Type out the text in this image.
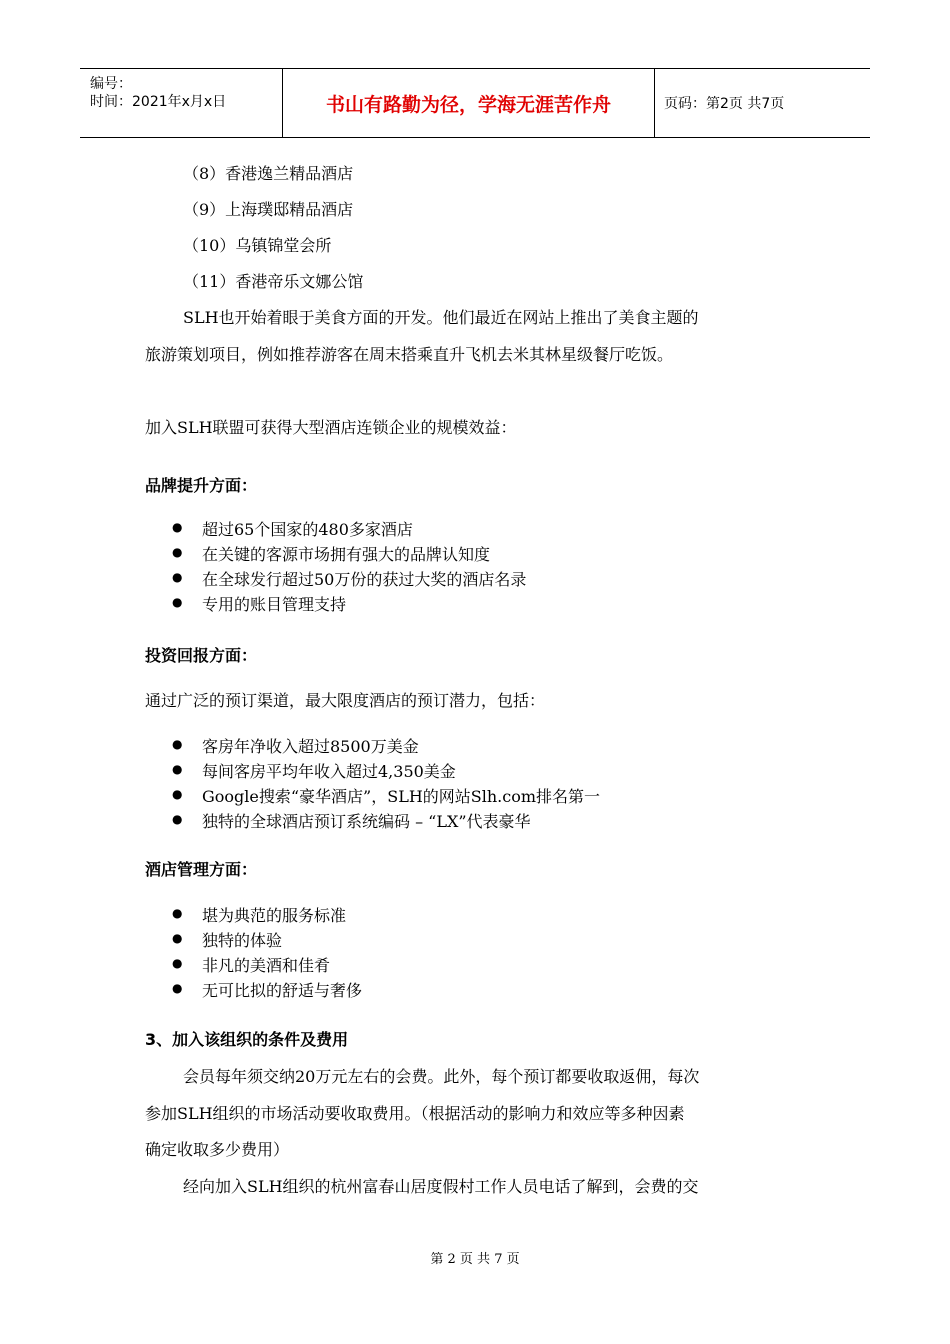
编号：
时间：2021年x月x日	书山有路勤为径，学海无涯苦作舟	页码：第2页 共7页
（8）香港逸兰精品酒店
（9）上海璞邸精品酒店
（10）乌镇锦堂会所
（11）香港帝乐文娜公馆
SLH也开始着眼于美食方面的开发。他们最近在网站上推出了美食主题的
旅游策划项目，例如推荐游客在周末搭乘直升飞机去米其林星级餐厅吃饭。
加入SLH联盟可获得大型酒店连锁企业的规模效益：
品牌提升方面：
● 超过65个国家的480多家酒店
● 在关键的客源市场拥有强大的品牌认知度
● 在全球发行超过50万份的获过大奖的酒店名录
● 专用的账目管理支持
投资回报方面：
通过广泛的预订渠道，最大限度酒店的预订潜力，包括：
● 客房年净收入超过8500万美金
● 每间客房平均年收入超过4,350美金
● Google搜索“豪华酒店”，SLH的网站Slh.com排名第一
● 独特的全球酒店预订系统编码 – “LX”代表豪华
酒店管理方面：
● 堪为典范的服务标准
● 独特的体验
● 非凡的美酒和佳肴
● 无可比拟的舒适与奢侈
3、加入该组织的条件及费用
会员每年须交纳20万元左右的会费。此外，每个预订都要收取返佣，每次
参加SLH组织的市场活动要收取费用。（根据活动的影响力和效应等多种因素
确定收取多少费用）
经向加入SLH组织的杭州富春山居度假村工作人员电话了解到，会费的交
第 2 页 共 7 页
